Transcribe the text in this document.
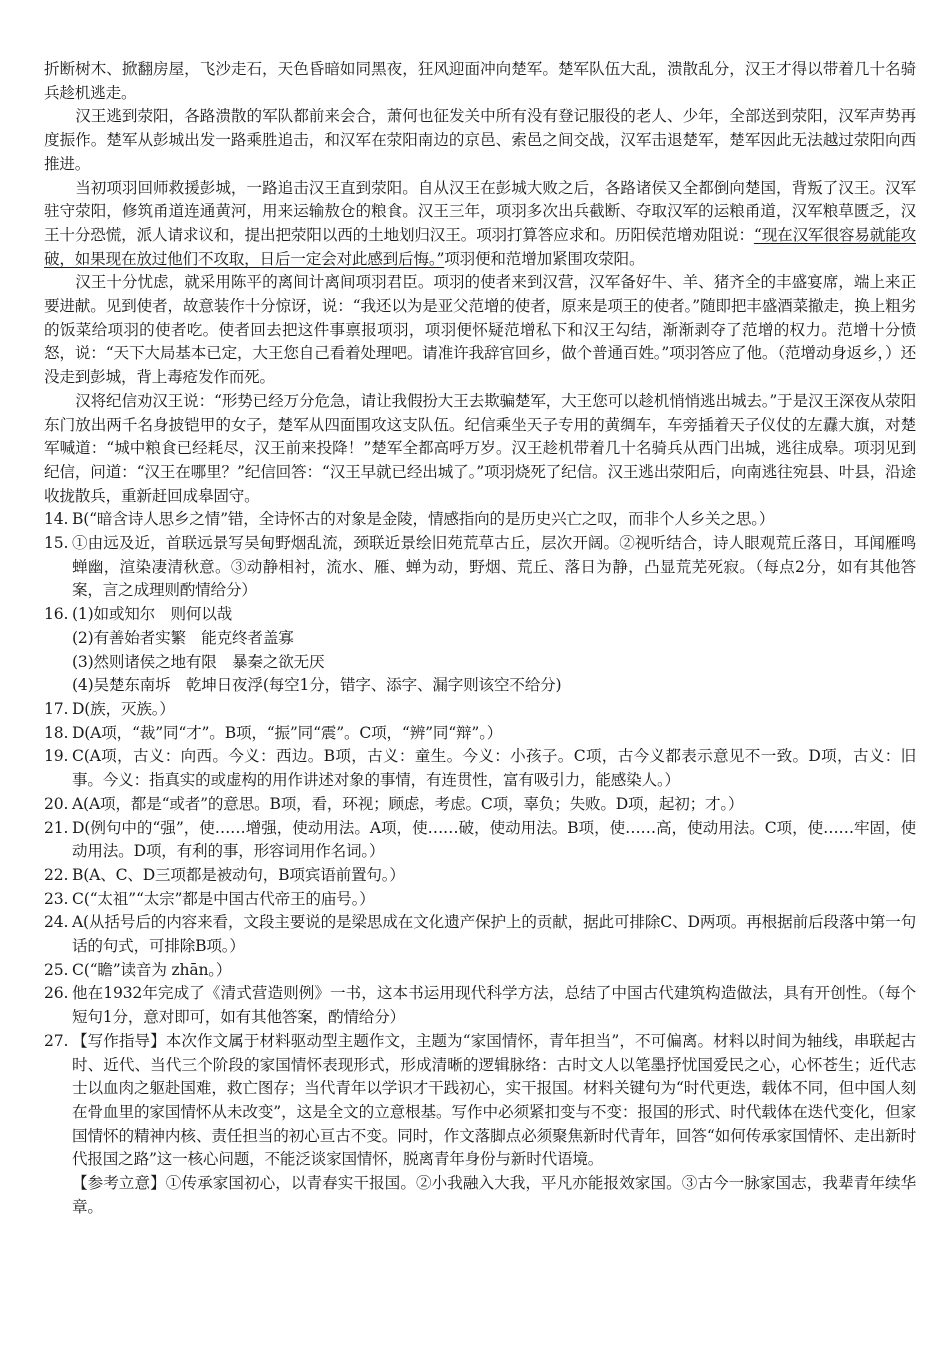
折断树木、掀翻房屋，飞沙走石，天色昏暗如同黑夜，狂风迎面冲向楚军。楚军队伍大乱，溃散乱分，汉王才得以带着几十名骑兵趁机逃走。

汉王逃到荥阳，各路溃散的军队都前来会合，萧何也征发关中所有没有登记服役的老人、少年，全部送到荥阳，汉军声势再度振作。楚军从彭城出发一路乘胜追击，和汉军在荥阳南边的京邑、索邑之间交战，汉军击退楚军，楚军因此无法越过荥阳向西推进。

当初项羽回师救援彭城，一路追击汉王直到荥阳。自从汉王在彭城大败之后，各路诸侯又全都倒向楚国，背叛了汉王。汉军驻守荥阳，修筑甬道连通黄河，用来运输敖仓的粮食。汉王三年，项羽多次出兵截断、夺取汉军的运粮甬道，汉军粮草匮乏，汉王十分恐慌，派人请求议和，提出把荥阳以西的土地划归汉王。项羽打算答应求和。历阳侯范增劝阻说：“现在汉军很容易就能攻破，如果现在放过他们不攻取，日后一定会对此感到后悔。”项羽便和范增加紧围攻荥阳。

汉王十分忧虑，就采用陈平的离间计离间项羽君臣。项羽的使者来到汉营，汉军备好牛、羊、猪齐全的丰盛宴席，端上来正要进献。见到使者，故意装作十分惊讶，说：“我还以为是亚父范增的使者，原来是项王的使者。”随即把丰盛酒菜撤走，换上粗劣的饭菜给项羽的使者吃。使者回去把这件事禀报项羽，项羽便怀疑范增私下和汉王勾结，渐渐剥夺了范增的权力。范增十分愤怒，说：“天下大局基本已定，大王您自己看着处理吧。请准许我辞官回乡，做个普通百姓。”项羽答应了他。（范增动身返乡，）还没走到彭城，背上毒疮发作而死。

汉将纪信劝汉王说：“形势已经万分危急，请让我假扮大王去欺骗楚军，大王您可以趁机悄悄逃出城去。”于是汉王深夜从荥阳东门放出两千名身披铠甲的女子，楚军从四面围攻这支队伍。纪信乘坐天子专用的黄绸车，车旁插着天子仪仗的左纛大旗，对楚军喊道：“城中粮食已经耗尽，汉王前来投降！”楚军全都高呼万岁。汉王趁机带着几十名骑兵从西门出城，逃往成皋。项羽见到纪信，问道：“汉王在哪里？”纪信回答：“汉王早就已经出城了。”项羽烧死了纪信。汉王逃出荥阳后，向南逃往宛县、叶县，沿途收拢散兵，重新赶回成皋固守。

14. B(“暗含诗人思乡之情”错，全诗怀古的对象是金陵，情感指向的是历史兴亡之叹，而非个人乡关之思。）
15. ①由远及近，首联远景写吴甸野烟乱流，颈联近景绘旧苑荒草古丘，层次开阔。②视听结合，诗人眼观荒丘落日，耳闻雁鸣蝉幽，渲染凄清秋意。③动静相衬，流水、雁、蝉为动，野烟、荒丘、落日为静，凸显荒芜死寂。（每点2分，如有其他答案，言之成理则酌情给分）
16. (1)如或知尔　则何以哉
(2)有善始者实繁　能克终者盖寡
(3)然则诸侯之地有限　暴秦之欲无厌
(4)吴楚东南坼　乾坤日夜浮(每空1分，错字、添字、漏字则该空不给分)
17. D(族，灭族。）
18. D(A项，“裁”同“才”。B项，“振”同“震”。C项，“辨”同“辩”。）
19. C(A项，古义：向西。今义：西边。B项，古义：童生。今义：小孩子。C项，古今义都表示意见不一致。D项，古义：旧事。今义：指真实的或虚构的用作讲述对象的事情，有连贯性，富有吸引力，能感染人。）
20. A(A项，都是“或者”的意思。B项，看，环视；顾虑，考虑。C项，辜负；失败。D项，起初；才。）
21. D(例句中的“强”，使……增强，使动用法。A项，使……破，使动用法。B项，使……高，使动用法。C项，使……牢固，使动用法。D项，有利的事，形容词用作名词。）
22. B(A、C、D三项都是被动句，B项宾语前置句。）
23. C(“太祖”“太宗”都是中国古代帝王的庙号。）
24. A(从括号后的内容来看，文段主要说的是梁思成在文化遗产保护上的贡献，据此可排除C、D两项。再根据前后段落中第一句话的句式，可排除B项。）
25. C(“瞻”读音为 zhān。）
26. 他在1932年完成了《清式营造则例》一书，这本书运用现代科学方法，总结了中国古代建筑构造做法，具有开创性。（每个短句1分，意对即可，如有其他答案，酌情给分）
27. 【写作指导】本次作文属于材料驱动型主题作文，主题为“家国情怀，青年担当”，不可偏离。材料以时间为轴线，串联起古时、近代、当代三个阶段的家国情怀表现形式，形成清晰的逻辑脉络：古时文人以笔墨抒忧国爱民之心，心怀苍生；近代志士以血肉之躯赴国难，救亡图存；当代青年以学识才干践初心，实干报国。材料关键句为“时代更迭，载体不同，但中国人刻在骨血里的家国情怀从未改变”，这是全文的立意根基。写作中必须紧扣变与不变：报国的形式、时代载体在迭代变化，但家国情怀的精神内核、责任担当的初心亘古不变。同时，作文落脚点必须聚焦新时代青年，回答“如何传承家国情怀、走出新时代报国之路”这一核心问题，不能泛谈家国情怀，脱离青年身份与新时代语境。

【参考立意】①传承家国初心，以青春实干报国。②小我融入大我，平凡亦能报效家国。③古今一脉家国志，我辈青年续华章。
